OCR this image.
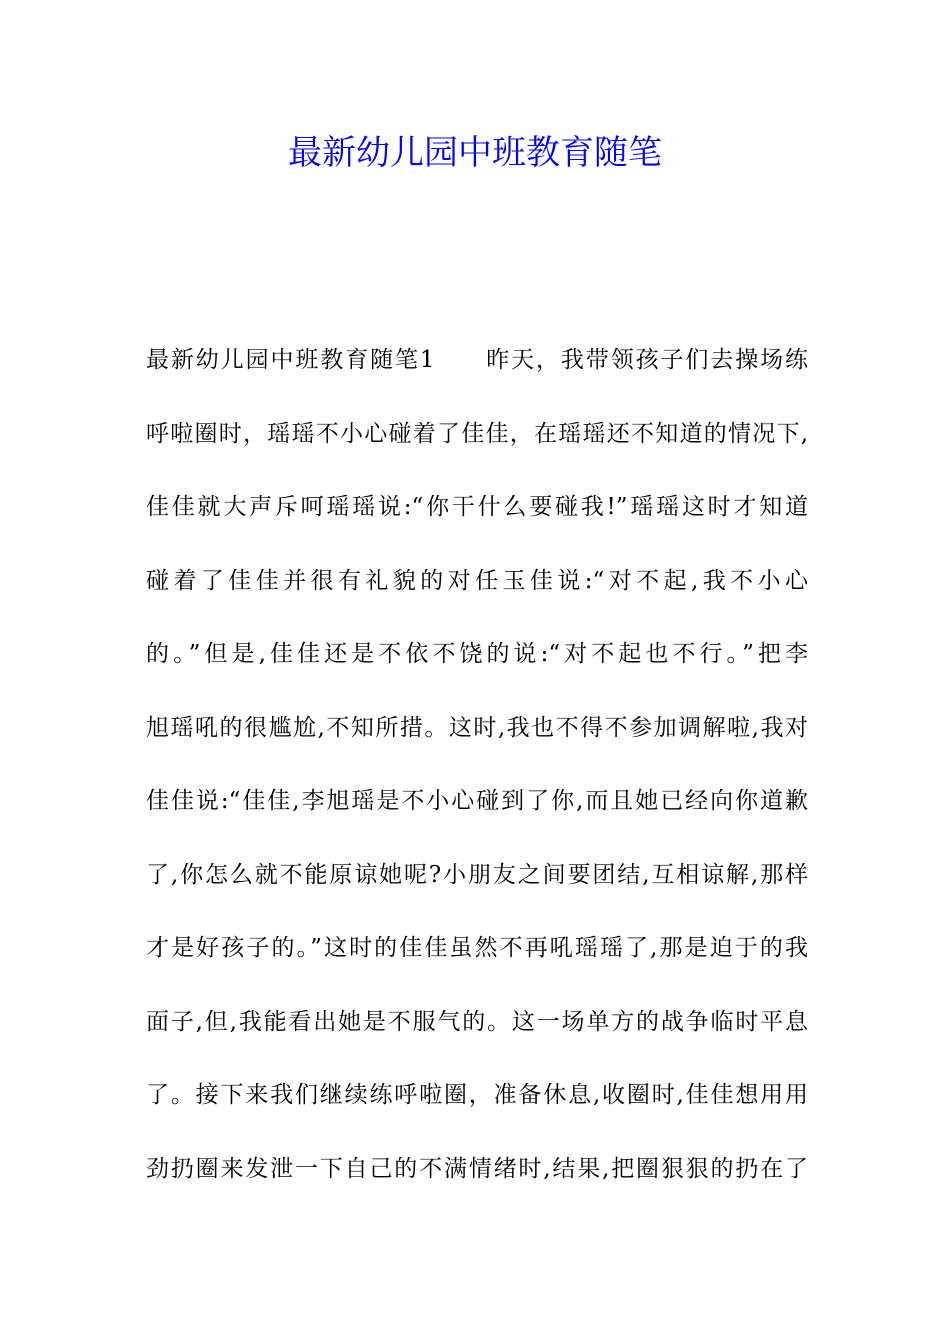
最新幼儿园中班教育随笔
最新幼儿园中班教育随笔1　　昨天，我带领孩子们去操场练
呼啦圈时，瑶瑶不小心碰着了佳佳，在瑶瑶还不知道的情况下,
佳佳就大声斥呵瑶瑶说:“你干什么要碰我!”瑶瑶这时才知道
碰着了佳佳并很有礼貌的对任玉佳说:“对不起,我不小心
的。”但是,佳佳还是不依不饶的说:“对不起也不行。”把李
旭瑶吼的很尴尬,不知所措。这时,我也不得不参加调解啦,我对
佳佳说:“佳佳,李旭瑶是不小心碰到了你,而且她已经向你道歉
了,你怎么就不能原谅她呢?小朋友之间要团结,互相谅解,那样
才是好孩子的。”这时的佳佳虽然不再吼瑶瑶了,那是迫于的我
面子,但,我能看出她是不服气的。这一场单方的战争临时平息
了。接下来我们继续练呼啦圈，准备休息,收圈时,佳佳想用用
劲扔圈来发泄一下自己的不满情绪时,结果,把圈狠狠的扔在了
